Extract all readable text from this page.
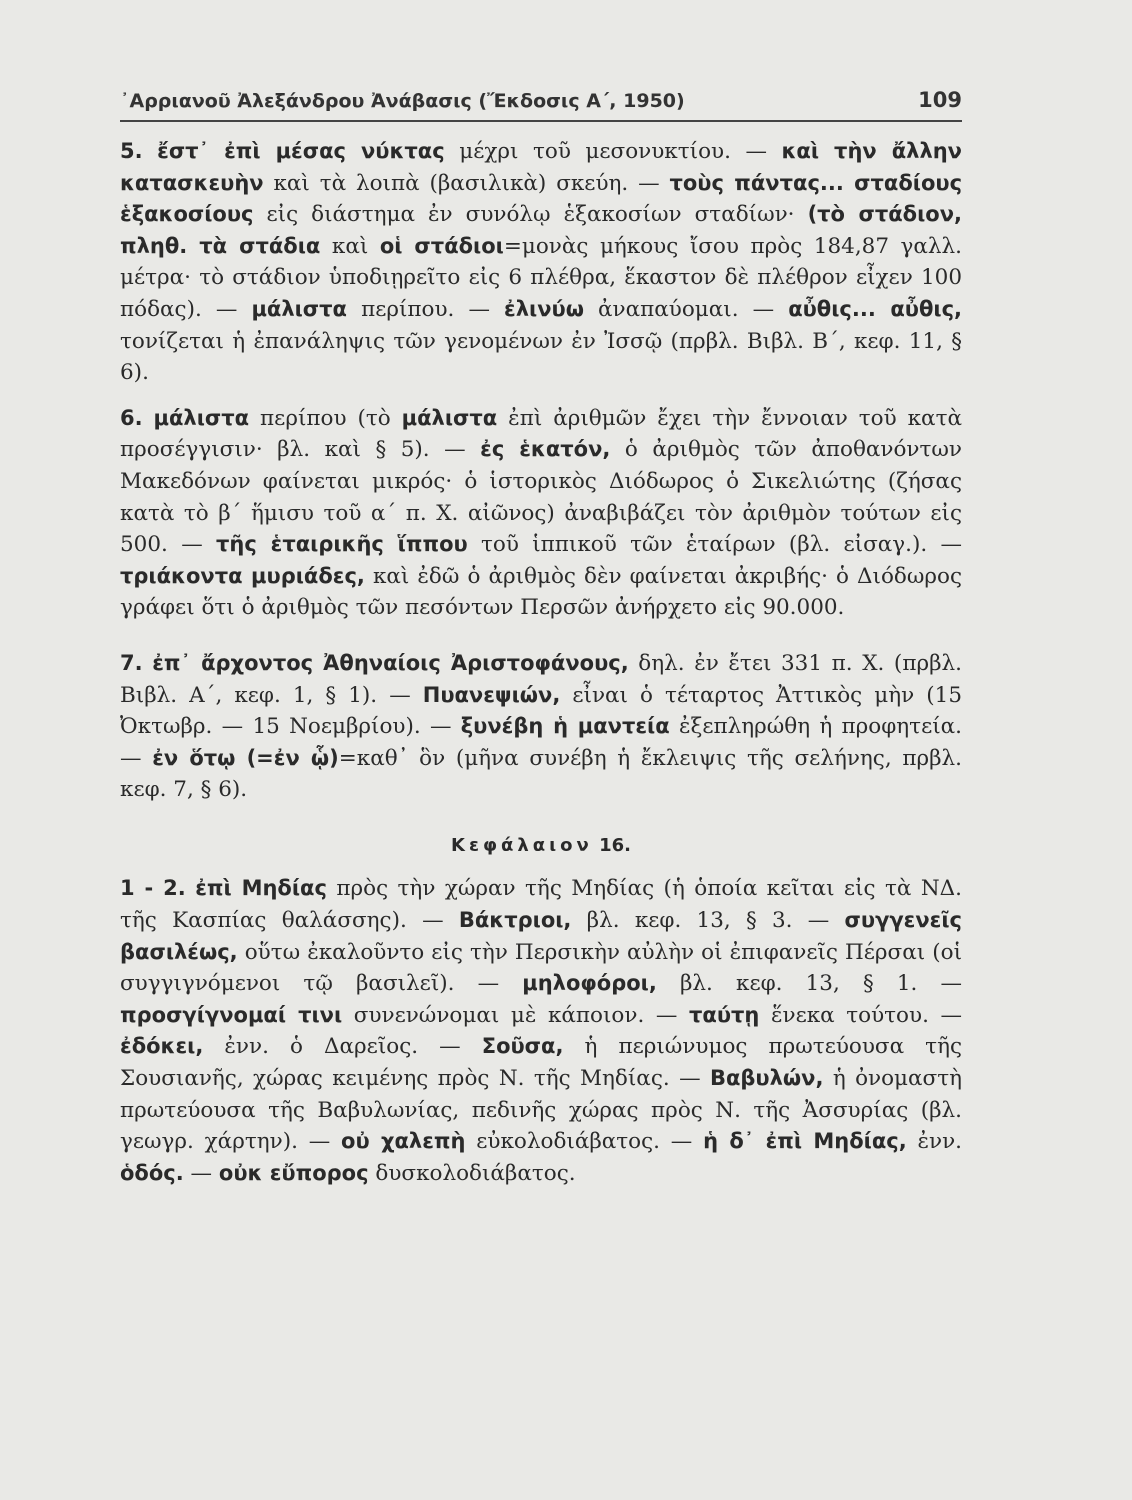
᾿Αρριανοῦ Ἀλεξάνδρου Ἀνάβασις (Ἔκδοσις Α΄, 1950)	109

5. ἔστ᾿ ἐπὶ μέσας νύκτας μέχρι τοῦ μεσονυκτίου. — καὶ τὴν ἄλλην κατασκευὴν καὶ τὰ λοιπὰ (βασιλικὰ) σκεύη. — τοὺς πάντας... σταδίους ἑξακοσίους εἰς διάστημα ἐν συνόλῳ ἑξακοσίων σταδίων· (τὸ στάδιον, πληθ. τὰ στάδια καὶ οἱ στάδιοι=μονὰς μήκους ἴσου πρὸς 184,87 γαλλ. μέτρα· τὸ στάδιον ὑποδιῃρεῖτο εἰς 6 πλέθρα, ἕκαστον δὲ πλέθρον εἶχεν 100 πόδας). — μάλιστα περίπου. — ἐλινύω ἀναπαύομαι. — αὖθις... αὖθις, τονίζεται ἡ ἐπανάληψις τῶν γενομένων ἐν Ἰσσῷ (πρβλ. Βιβλ. Β΄, κεφ. 11, § 6).

6. μάλιστα περίπου (τὸ μάλιστα ἐπὶ ἀριθμῶν ἔχει τὴν ἔννοιαν τοῦ κατὰ προσέγγισιν· βλ. καὶ § 5). — ἐς ἑκατόν, ὁ ἀριθμὸς τῶν ἀποθανόντων Μακεδόνων φαίνεται μικρός· ὁ ἱστορικὸς Διόδωρος ὁ Σικελιώτης (ζήσας κατὰ τὸ β΄ ἥμισυ τοῦ α΄ π. Χ. αἰῶνος) ἀναβιβάζει τὸν ἀριθμὸν τούτων εἰς 500. — τῆς ἑταιρικῆς ἵππου τοῦ ἱππικοῦ τῶν ἑταίρων (βλ. εἰσαγ.). — τριάκοντα μυριάδες, καὶ ἐδῶ ὁ ἀριθμὸς δὲν φαίνεται ἀκριβής· ὁ Διόδωρος γράφει ὅτι ὁ ἀριθμὸς τῶν πεσόντων Περσῶν ἀνήρχετο εἰς 90.000.

7. ἐπ᾿ ἄρχοντος Ἀθηναίοις Ἀριστοφάνους, δηλ. ἐν ἔτει 331 π. Χ. (πρβλ. Βιβλ. Α΄, κεφ. 1, § 1). — Πυανεψιών, εἶναι ὁ τέταρτος Ἀττικὸς μὴν (15 Ὀκτωβρ. — 15 Νοεμβρίου). — ξυνέβη ἡ μαντεία ἐξεπληρώθη ἡ προφητεία. — ἐν ὅτῳ (=ἐν ᾧ)=καθ᾿ ὃν (μῆνα συνέβη ἡ ἔκλειψις τῆς σελήνης, πρβλ. κεφ. 7, § 6).

Κεφάλαιον 16.

1 - 2. ἐπὶ Μηδίας πρὸς τὴν χώραν τῆς Μηδίας (ἡ ὁποία κεῖται εἰς τὰ ΝΔ. τῆς Κασπίας θαλάσσης). — Βάκτριοι, βλ. κεφ. 13, § 3. — συγγενεῖς βασιλέως, οὕτω ἐκαλοῦντο εἰς τὴν Περσικὴν αὐλὴν οἱ ἐπιφανεῖς Πέρσαι (οἱ συγγιγνόμενοι τῷ βασιλεῖ). — μηλοφόροι, βλ. κεφ. 13, § 1. — προσγίγνομαί τινι συνενώνομαι μὲ κάποιον. — ταύτῃ ἕνεκα τούτου. — ἐδόκει, ἐνν. ὁ Δαρεῖος. — Σοῦσα, ἡ περιώνυμος πρωτεύουσα τῆς Σουσιανῆς, χώρας κειμένης πρὸς Ν. τῆς Μηδίας. — Βαβυλών, ἡ ὀνομαστὴ πρωτεύουσα τῆς Βαβυλωνίας, πεδινῆς χώρας πρὸς Ν. τῆς Ἀσσυρίας (βλ. γεωγρ. χάρτην). — οὐ χαλεπὴ εὐκολοδιάβατος. — ἡ δ᾿ ἐπὶ Μηδίας, ἐνν. ὁδός. — οὐκ εὔπορος δυσκολοδιάβατος.
